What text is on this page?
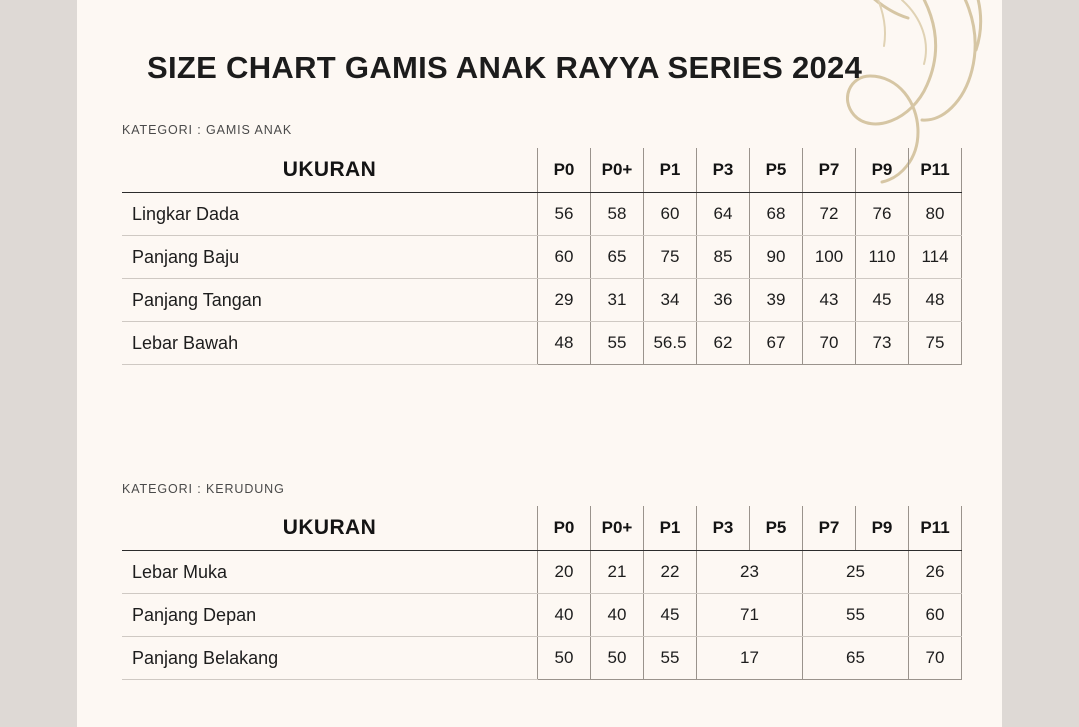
SIZE CHART GAMIS ANAK RAYYA SERIES 2024
KATEGORI : GAMIS ANAK
UKURAN	P0	P0+	P1	P3	P5	P7	P9	P11
Lingkar Dada	56	58	60	64	68	72	76	80
Panjang Baju	60	65	75	85	90	100	110	114
Panjang Tangan	29	31	34	36	39	43	45	48
Lebar Bawah	48	55	56.5	62	67	70	73	75
KATEGORI : KERUDUNG
UKURAN	P0	P0+	P1	P3	P5	P7	P9	P11
Lebar Muka	20	21	22	23		25		26
Panjang Depan	40	40	45	71		55		60
Panjang Belakang	50	50	55	17		65		70
